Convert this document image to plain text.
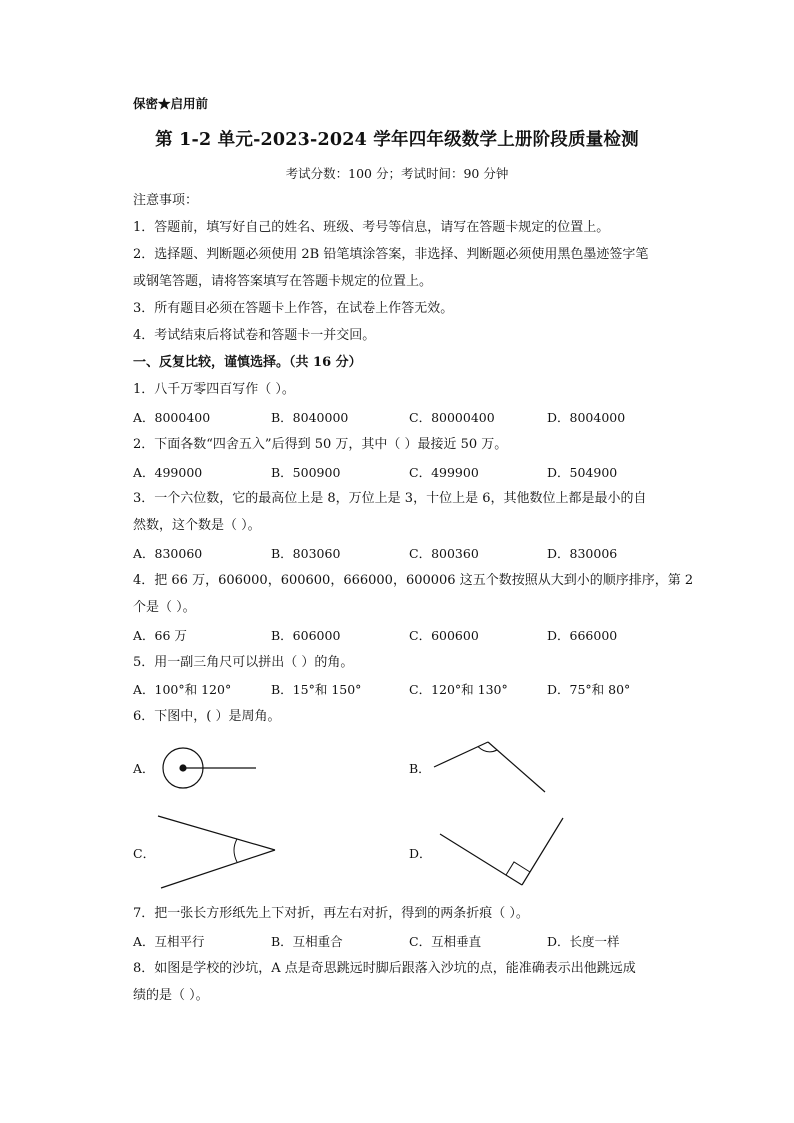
保密★启用前
第 1-2 单元-2023-2024 学年四年级数学上册阶段质量检测
考试分数：100 分；考试时间：90 分钟
注意事项：
1．答题前，填写好自己的姓名、班级、考号等信息，请写在答题卡规定的位置上。
2．选择题、判断题必须使用 2B 铅笔填涂答案，非选择、判断题必须使用黑色墨迹签字笔
或钢笔答题，请将答案填写在答题卡规定的位置上。
3．所有题目必须在答题卡上作答，在试卷上作答无效。
4．考试结束后将试卷和答题卡一并交回。
一、反复比较，谨慎选择。（共 16 分）
1．八千万零四百写作（ ）。
A．8000400	B．8040000	C．80000400	D．8004000
2．下面各数“四舍五入”后得到 50 万，其中（ ）最接近 50 万。
A．499000	B．500900	C．499900	D．504900
3．一个六位数，它的最高位上是 8，万位上是 3，十位上是 6，其他数位上都是最小的自
然数，这个数是（ ）。
A．830060	B．803060	C．800360	D．830006
4．把 66 万，606000，600600，666000，600006 这五个数按照从大到小的顺序排序，第 2
个是（ ）。
A．66 万	B．606000	C．600600	D．666000
5．用一副三角尺可以拼出（ ）的角。
A．100°和 120°	B．15°和 150°	C．120°和 130°	D．75°和 80°
6．下图中，( ）是周角。
A．	B．
C．	D．
7．把一张长方形纸先上下对折，再左右对折，得到的两条折痕（ ）。
A．互相平行	B．互相重合	C．互相垂直	D．长度一样
8．如图是学校的沙坑，A 点是奇思跳远时脚后跟落入沙坑的点，能准确表示出他跳远成
绩的是（ ）。
